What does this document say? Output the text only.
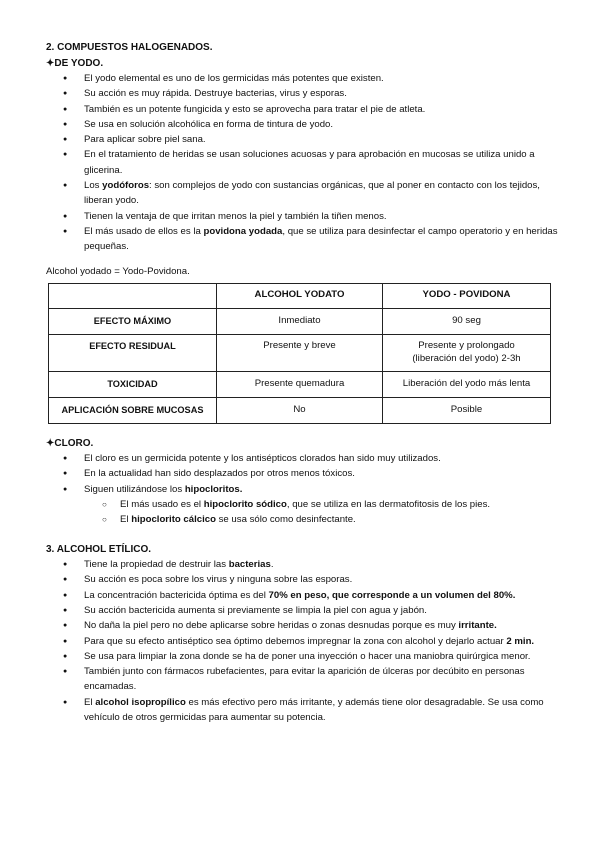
2. COMPUESTOS HALOGENADOS.

✦DE YODO.

● El yodo elemental es uno de los germicidas más potentes que existen.
● Su acción es muy rápida. Destruye bacterias, virus y esporas.
● También es un potente fungicida y esto se aprovecha para tratar el pie de atleta.
● Se usa en solución alcohólica en forma de tintura de yodo.
● Para aplicar sobre piel sana.
● En el tratamiento de heridas se usan soluciones acuosas y para aprobación en mucosas se utiliza unido a glicerina.
● Los yodóforos: son complejos de yodo con sustancias orgánicas, que al poner en contacto con los tejidos, liberan yodo.
● Tienen la ventaja de que irritan menos la piel y también la tiñen menos.
● El más usado de ellos es la povidona yodada, que se utiliza para desinfectar el campo operatorio y en heridas pequeñas.

Alcohol yodado = Yodo-Povidona.

	ALCOHOL YODATO	YODO - POVIDONA
EFECTO MÁXIMO	Inmediato	90 seg
EFECTO RESIDUAL	Presente y breve	Presente y prolongado (liberación del yodo) 2-3h
TOXICIDAD	Presente quemadura	Liberación del yodo más lenta
APLICACIÓN SOBRE MUCOSAS	No	Posible

✦CLORO.

● El cloro es un germicida potente y los antisépticos clorados han sido muy utilizados.
● En la actualidad han sido desplazados por otros menos tóxicos.
● Siguen utilizándose los hipocloritos.
○ El más usado es el hipoclorito sódico, que se utiliza en las dermatofitosis de los pies.
○ El hipoclorito cálcico se usa sólo como desinfectante.

3. ALCOHOL ETÍLICO.

● Tiene la propiedad de destruir las bacterias.
● Su acción es poca sobre los virus y ninguna sobre las esporas.
● La concentración bactericida óptima es del 70% en peso, que corresponde a un volumen del 80%.
● Su acción bactericida aumenta si previamente se limpia la piel con agua y jabón.
● No daña la piel pero no debe aplicarse sobre heridas o zonas desnudas porque es muy irritante.
● Para que su efecto antiséptico sea óptimo debemos impregnar la zona con alcohol y dejarlo actuar 2 min.
● Se usa para limpiar la zona donde se ha de poner una inyección o hacer una maniobra quirúrgica menor.
● También junto con fármacos rubefacientes, para evitar la aparición de úlceras por decúbito en personas encamadas.
● El alcohol isopropílico es más efectivo pero más irritante, y además tiene olor desagradable. Se usa como vehículo de otros germicidas para aumentar su potencia.
